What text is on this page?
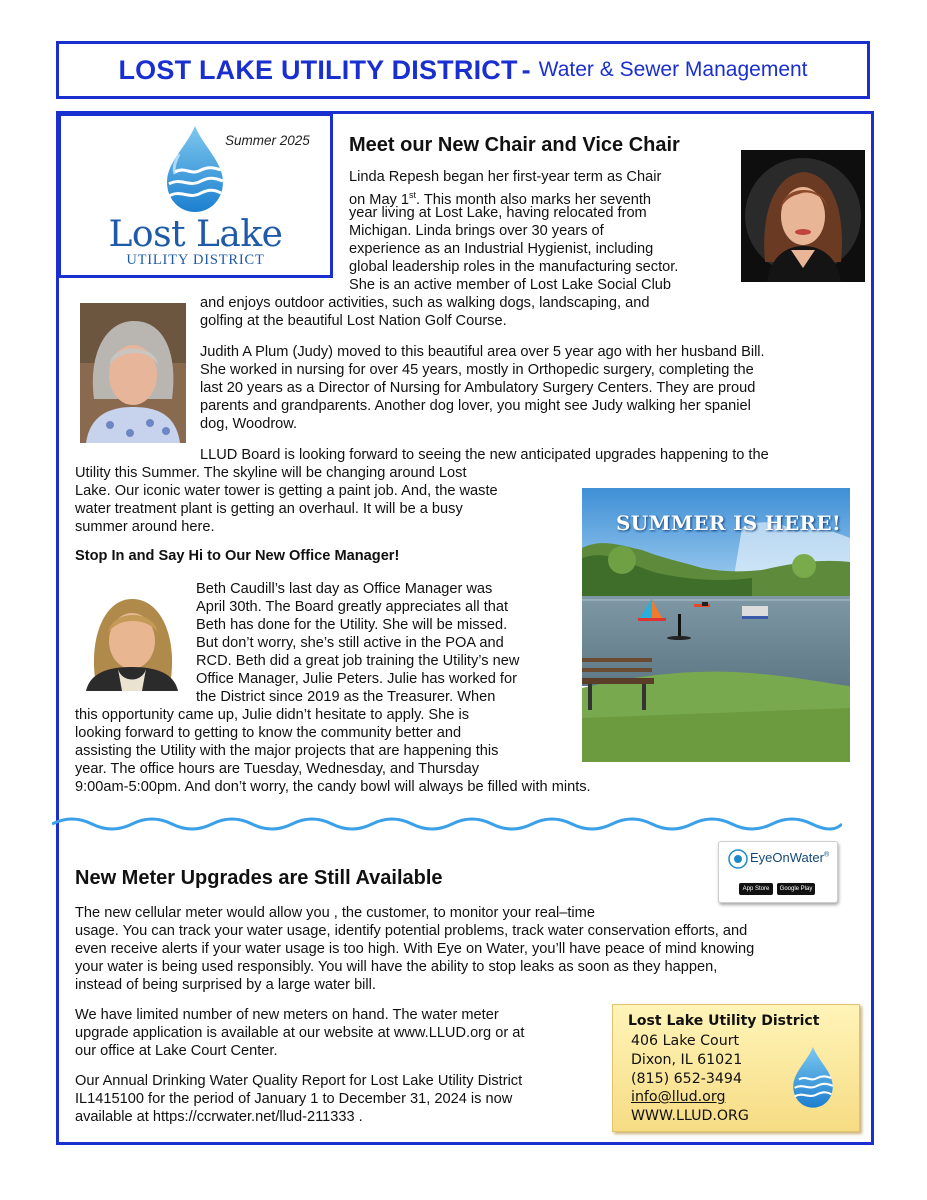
LOST LAKE UTILITY DISTRICT - Water & Sewer Management
Summer 2025
Lost Lake
UTILITY DISTRICT
Meet our New Chair and Vice Chair
Linda Repesh began her first-year term as Chair
on May 1st. This month also marks her seventh
year living at Lost Lake, having relocated from
Michigan. Linda brings over 30 years of
experience as an Industrial Hygienist, including
global leadership roles in the manufacturing sector.
She is an active member of Lost Lake Social Club
and enjoys outdoor activities, such as walking dogs, landscaping, and
golfing at the beautiful Lost Nation Golf Course.
Judith A Plum (Judy) moved to this beautiful area over 5 year ago with her husband Bill.
She worked in nursing for over 45 years, mostly in Orthopedic surgery, completing the
last 20 years as a Director of Nursing for Ambulatory Surgery Centers. They are proud
parents and grandparents. Another dog lover, you might see Judy walking her spaniel
dog, Woodrow.
LLUD Board is looking forward to seeing the new anticipated upgrades happening to the
Utility this Summer. The skyline will be changing around Lost
Lake. Our iconic water tower is getting a paint job. And, the waste
water treatment plant is getting an overhaul. It will be a busy
summer around here.	SUMMER IS HERE!
Stop In and Say Hi to Our New Office Manager!
Beth Caudill’s last day as Office Manager was
April 30th. The Board greatly appreciates all that
Beth has done for the Utility. She will be missed.
But don’t worry, she’s still active in the POA and
RCD. Beth did a great job training the Utility’s new
Office Manager, Julie Peters. Julie has worked for
the District since 2019 as the Treasurer. When
this opportunity came up, Julie didn’t hesitate to apply. She is
looking forward to getting to know the community better and
assisting the Utility with the major projects that are happening this
year. The office hours are Tuesday, Wednesday, and Thursday
9:00am-5:00pm. And don’t worry, the candy bowl will always be filled with mints.
EyeOnWater®
App Store	Google Play
New Meter Upgrades are Still Available
The new cellular meter would allow you , the customer, to monitor your real–time
usage. You can track your water usage, identify potential problems, track water conservation efforts, and
even receive alerts if your water usage is too high. With Eye on Water, you’ll have peace of mind knowing
your water is being used responsibly. You will have the ability to stop leaks as soon as they happen,
instead of being surprised by a large water bill.
We have limited number of new meters on hand. The water meter
upgrade application is available at our website at www.LLUD.org or at
our office at Lake Court Center.
Our Annual Drinking Water Quality Report for Lost Lake Utility District
IL1415100 for the period of January 1 to December 31, 2024 is now
available at https://ccrwater.net/llud-211333 .
Lost Lake Utility District
406 Lake Court
Dixon, IL 61021
(815) 652-3494
info@llud.org
WWW.LLUD.ORG
